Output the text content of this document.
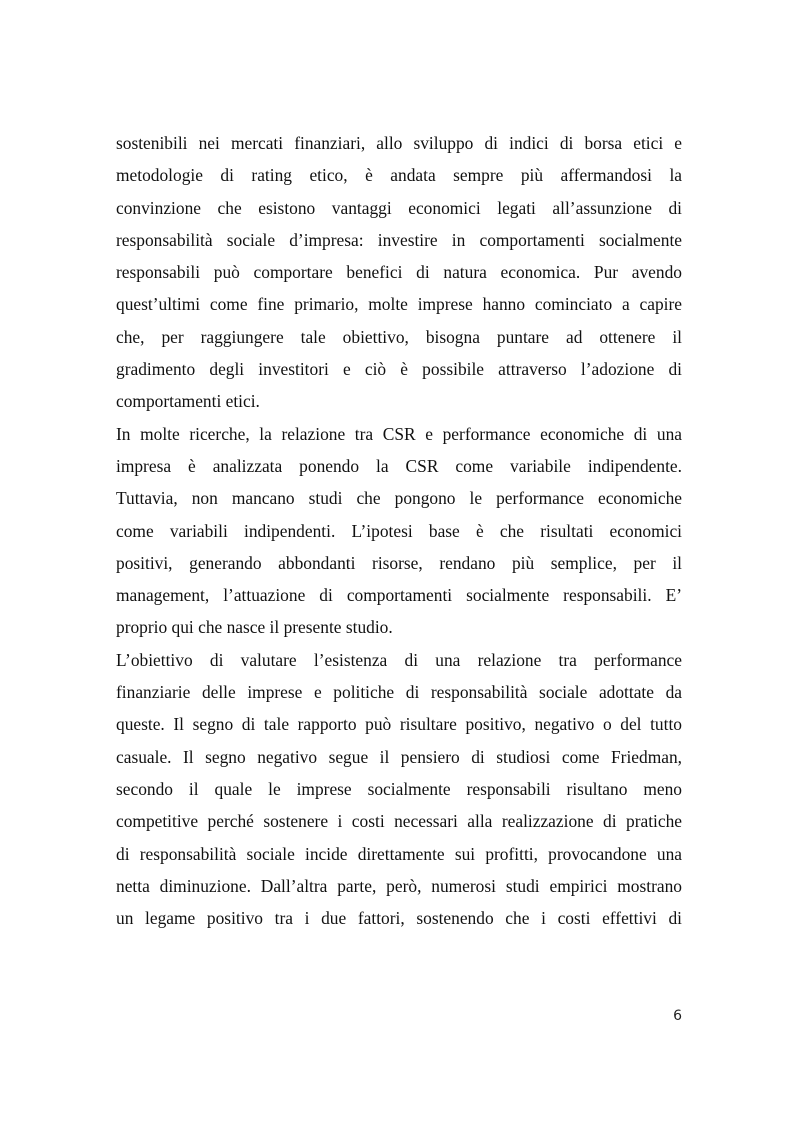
sostenibili nei mercati finanziari, allo sviluppo di indici di borsa etici e
metodologie di rating etico, è andata sempre più affermandosi la
convinzione che esistono vantaggi economici legati all’assunzione di
responsabilità sociale d’impresa: investire in comportamenti socialmente
responsabili può comportare benefici di natura economica. Pur avendo
quest’ultimi come fine primario, molte imprese hanno cominciato a capire
che, per raggiungere tale obiettivo, bisogna puntare ad ottenere il
gradimento degli investitori e ciò è possibile attraverso l’adozione di
comportamenti etici.
In molte ricerche, la relazione tra CSR e performance economiche di una
impresa è analizzata ponendo la CSR come variabile indipendente.
Tuttavia, non mancano studi che pongono le performance economiche
come variabili indipendenti. L’ipotesi base è che risultati economici
positivi, generando abbondanti risorse, rendano più semplice, per il
management, l’attuazione di comportamenti socialmente responsabili. E’
proprio qui che nasce il presente studio.
L’obiettivo di valutare l’esistenza di una relazione tra performance
finanziarie delle imprese e politiche di responsabilità sociale adottate da
queste. Il segno di tale rapporto può risultare positivo, negativo o del tutto
casuale. Il segno negativo segue il pensiero di studiosi come Friedman,
secondo il quale le imprese socialmente responsabili risultano meno
competitive perché sostenere i costi necessari alla realizzazione di pratiche
di responsabilità sociale incide direttamente sui profitti, provocandone una
netta diminuzione. Dall’altra parte, però, numerosi studi empirici mostrano
un legame positivo tra i due fattori, sostenendo che i costi effettivi di
6
